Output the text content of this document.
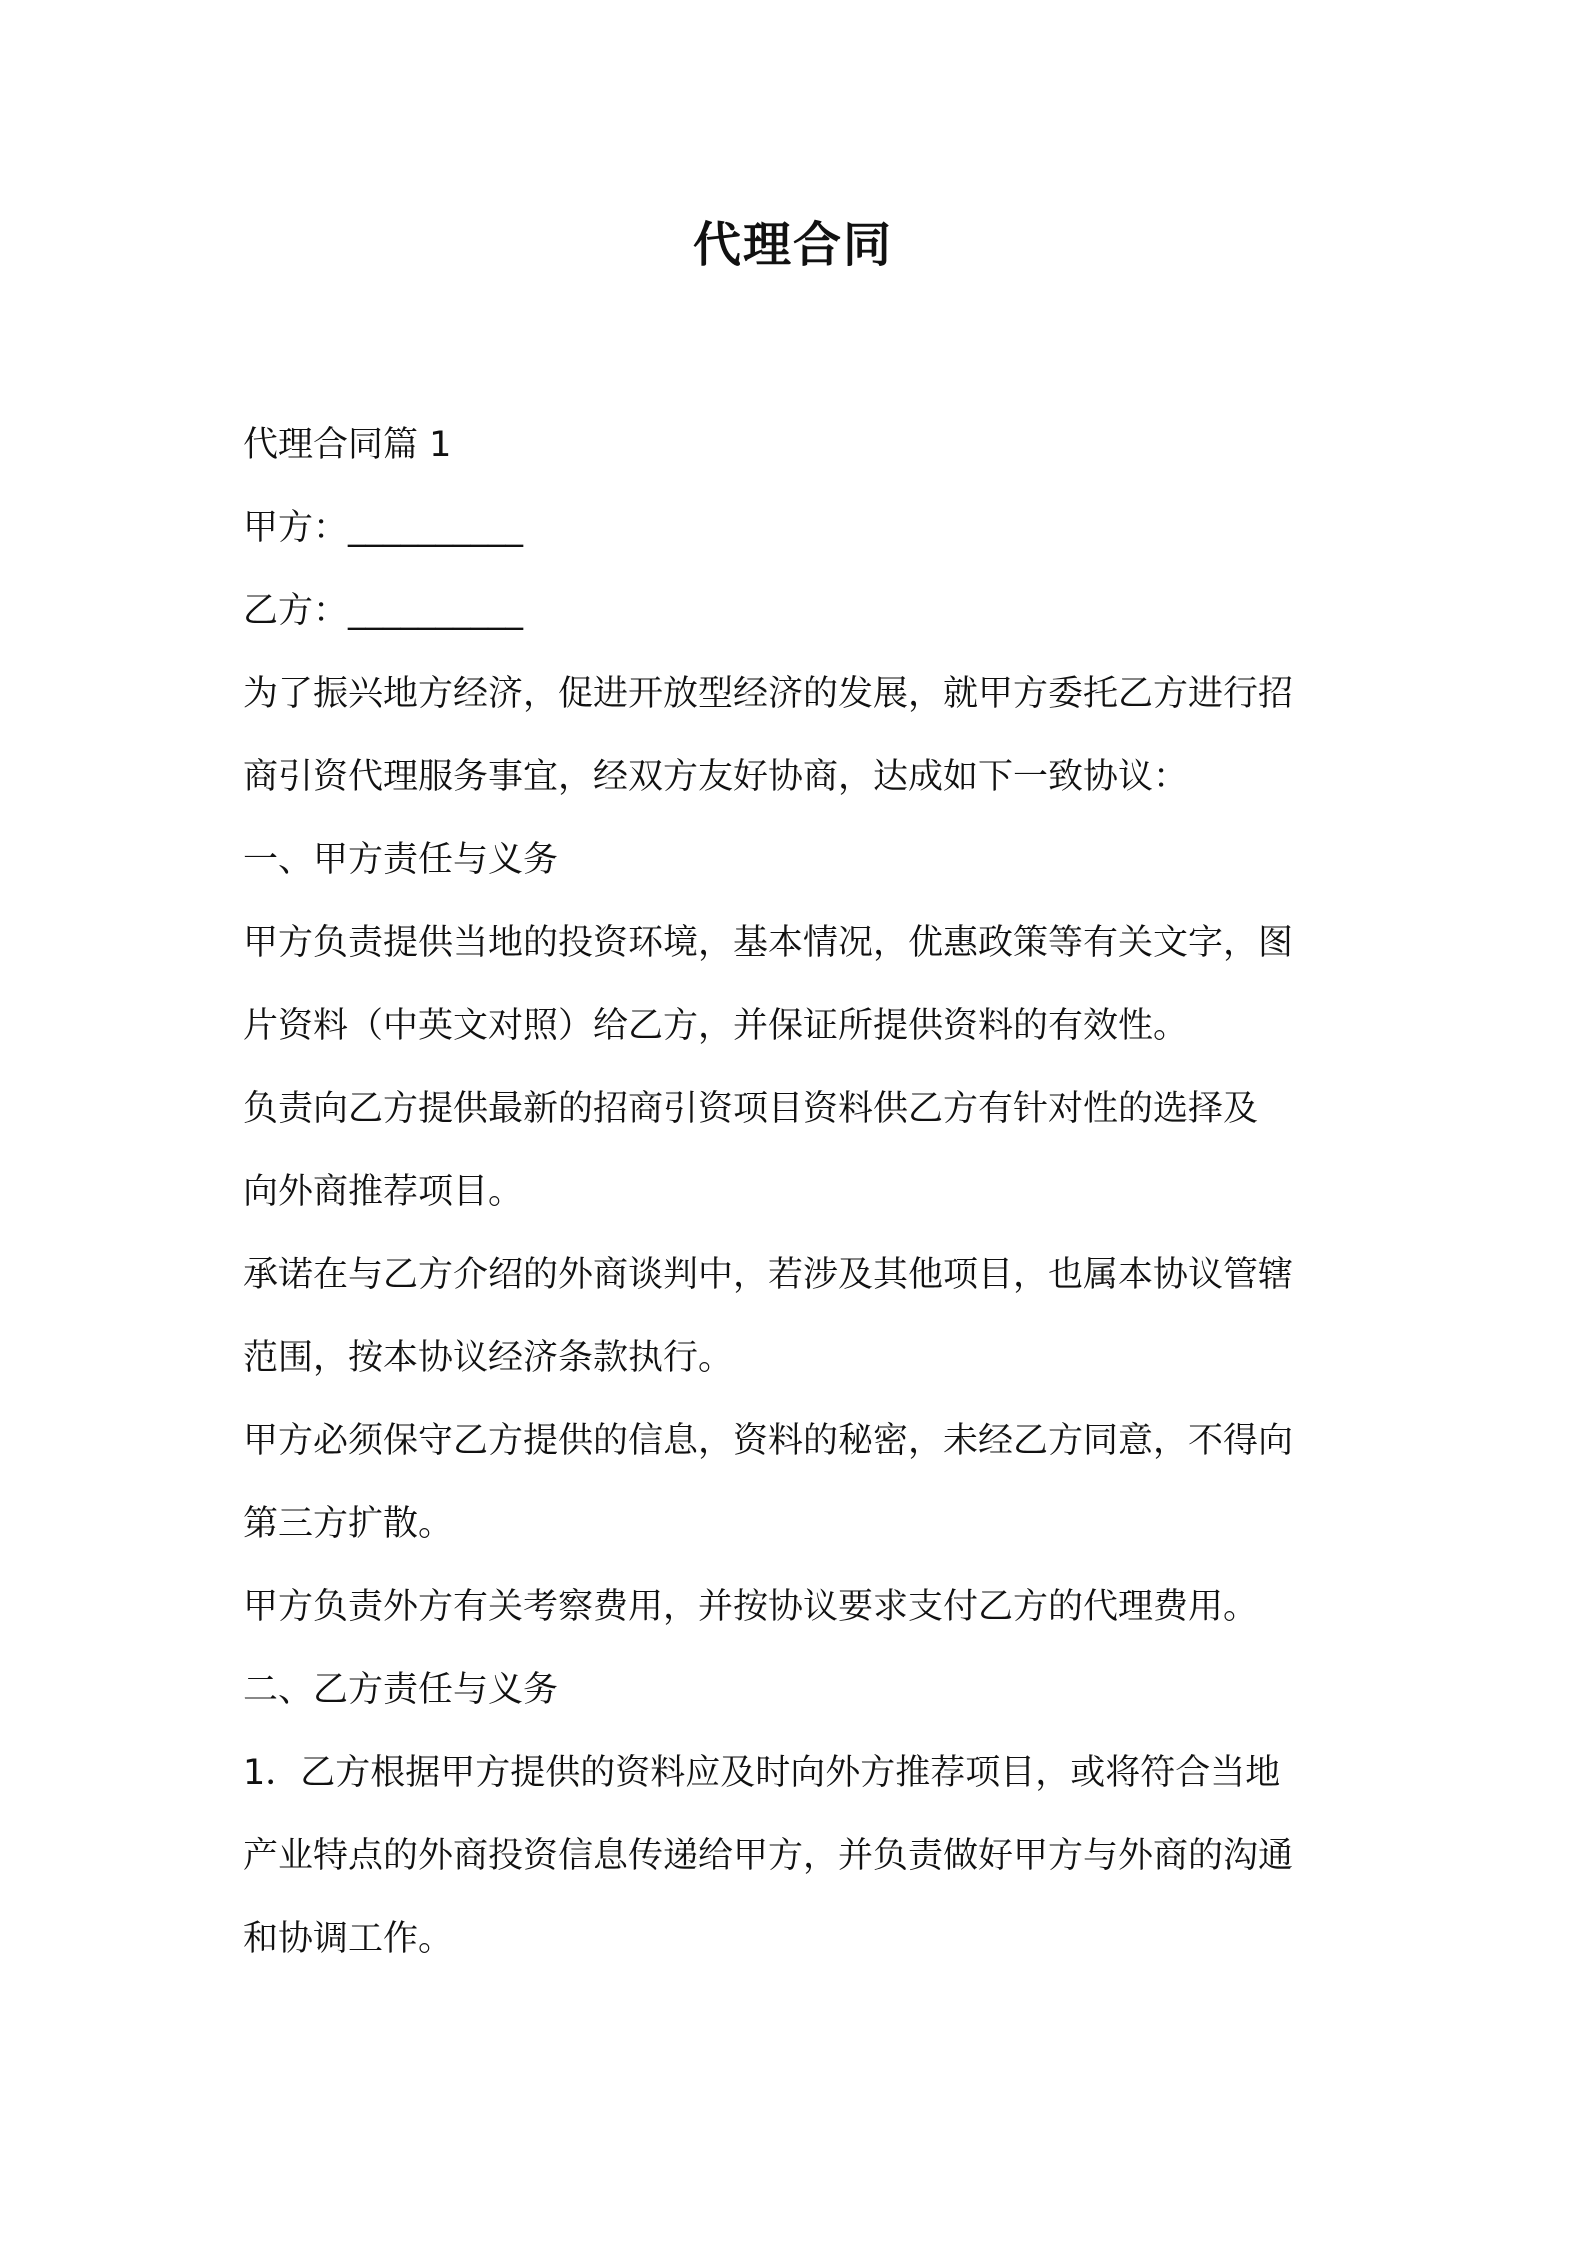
代理合同
代理合同篇 1
甲方：__________
乙方：__________
为了振兴地方经济，促进开放型经济的发展，就甲方委托乙方进行招
商引资代理服务事宜，经双方友好协商，达成如下一致协议：
一、甲方责任与义务
甲方负责提供当地的投资环境，基本情况，优惠政策等有关文字，图
片资料（中英文对照）给乙方，并保证所提供资料的有效性。
负责向乙方提供最新的招商引资项目资料供乙方有针对性的选择及
向外商推荐项目。
承诺在与乙方介绍的外商谈判中，若涉及其他项目，也属本协议管辖
范围，按本协议经济条款执行。
甲方必须保守乙方提供的信息，资料的秘密，未经乙方同意，不得向
第三方扩散。
甲方负责外方有关考察费用，并按协议要求支付乙方的代理费用。
二、乙方责任与义务
1．乙方根据甲方提供的资料应及时向外方推荐项目，或将符合当地
产业特点的外商投资信息传递给甲方，并负责做好甲方与外商的沟通
和协调工作。
